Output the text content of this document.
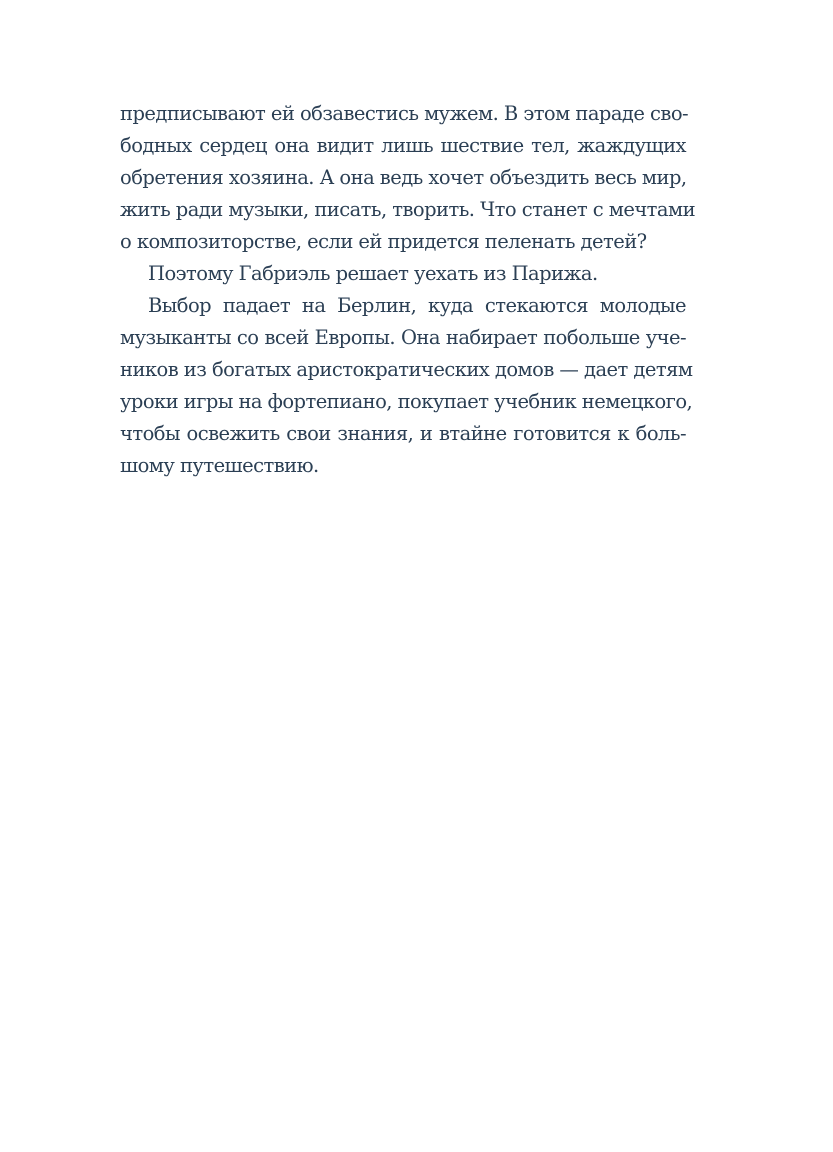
предписывают ей обзавестись мужем. В этом параде сво-
бодных сердец она видит лишь шествие тел, жаждущих
обретения хозяина. А она ведь хочет объездить весь мир,
жить ради музыки, писать, творить. Что станет с мечтами
о композиторстве, если ей придется пеленать детей?
Поэтому Габриэль решает уехать из Парижа.
Выбор падает на Берлин, куда стекаются молодые
музыканты со всей Европы. Она набирает побольше уче-
ников из богатых аристократических домов — дает детям
уроки игры на фортепиано, покупает учебник немецкого,
чтобы освежить свои знания, и втайне готовится к боль-
шому путешествию.
